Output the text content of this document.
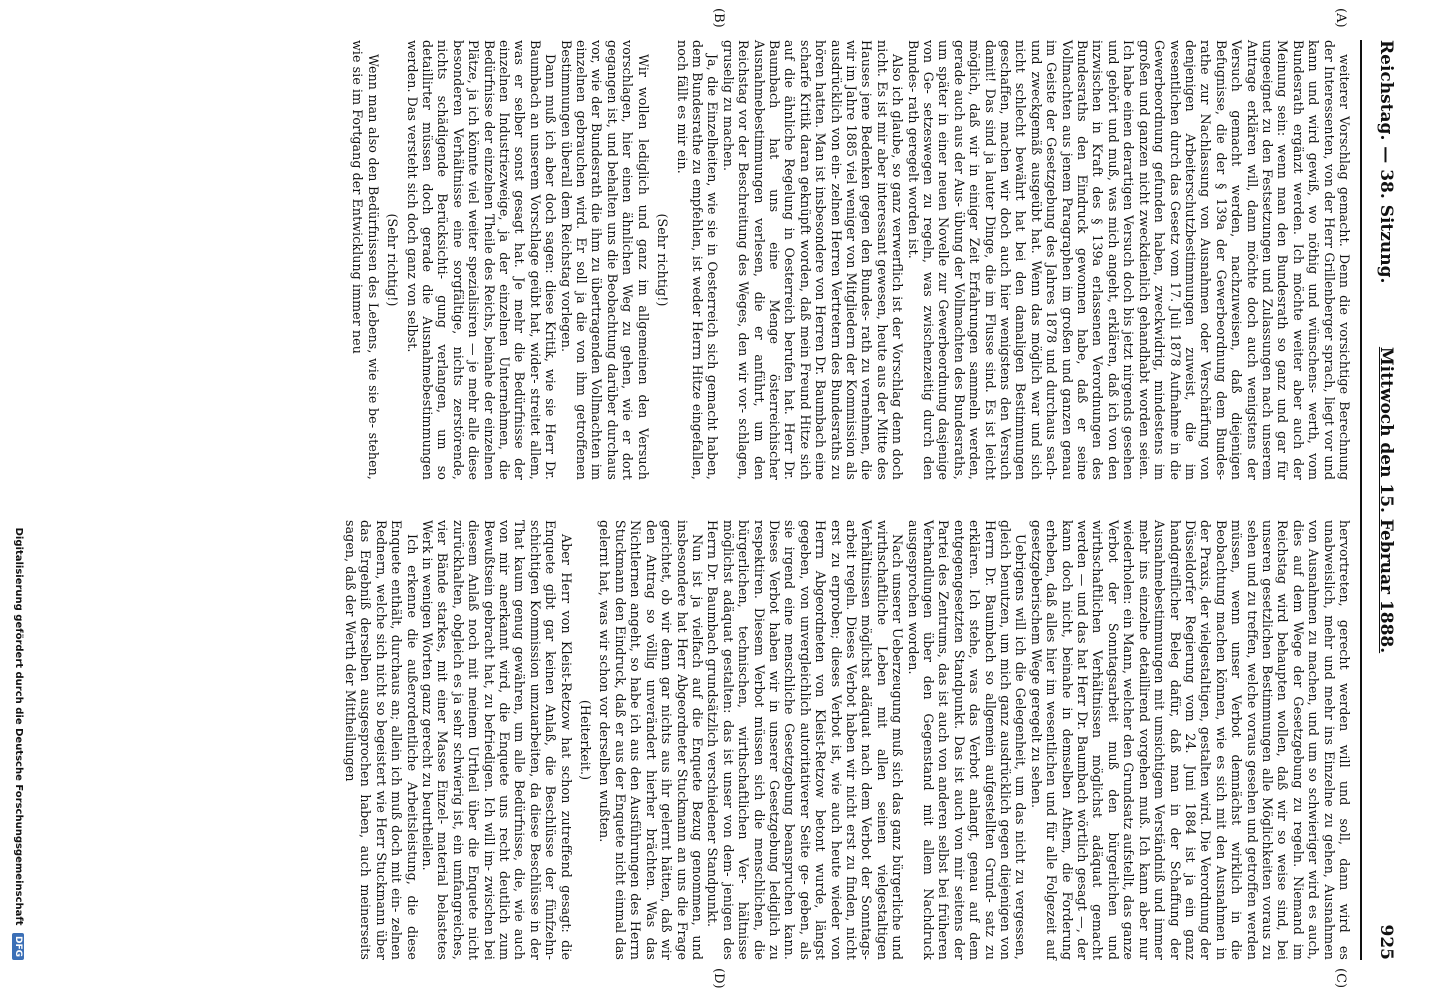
Reichstag. — 38. Sitzung.
Mittwoch den 15. Februar 1888.
925
(A)
(B)
(C)
(D)

weiterer Vorschlag gemacht. Denn die vorsichtige Berechnung der Interessenten, von der Herr Grillenberger sprach, liegt vor und kann und wird gewiß, wo nöthig und wünschens- werth, vom Bundesrath ergänzt werden. Ich möchte weiter aber auch der Meinung sein: wenn man den Bundesrath so ganz und gar für ungeeignet zu den Festsetzungen und Zulassungen nach unserem Antrage erklären will, dann möchte doch auch wenigstens der Versuch gemacht werden, nachzuweisen, daß diejenigen Befugnisse, die der § 139a der Gewerbeordnung dem Bundes- rathe zur Nachlassung von Ausnahmen oder Verschärfung von denjenigen Arbeiterschutzbestimmungen zuweist, die im wesentlichen durch das Gesetz vom 17. Juli 1878 Aufnahme in die Gewerbeordnung gefunden haben, zweckwidrig, mindestens im großen und ganzen nicht zweckdienlich gehandhabt worden seien. Ich habe einen derartigen Versuch doch bis jetzt nirgends gesehen und gehört und muß, was mich angeht, erklären, daß ich von den inzwischen in Kraft des § 139a erlassenen Verordnungen des Bundesraths den Eindruck gewonnen habe, daß er seine Vollmachten aus jenem Paragraphen im großen und ganzen genau im Geiste der Gesetzgebung des Jahres 1878 und durchaus sach- und zweckgemäß ausgeübt hat. Wenn das möglich war und sich nicht schlecht bewährt hat bei den damaligen Bestimmungen geschaffen, machen wir doch auch hier wenigstens den Versuch damit! Das sind ja lauter Dinge, die im Flusse sind. Es ist leicht möglich, daß wir in einiger Zeit Erfahrungen sammeln werden, gerade auch aus der Aus- übung der Vollmachten des Bundesraths, um später in einer neuen Novelle zur Gewerbeordnung dasjenige von Ge- setzeswegen zu regeln, was zwischenzeitig durch den Bundes- rath geregelt worden ist.

Also ich glaube, so ganz verwerflich ist der Vorschlag denn doch nicht. Es ist mir aber interessant gewesen, heute aus der Mitte des Hauses jene Bedenken gegen den Bundes- rath zu vernehmen, die wir im Jahre 1885 viel weniger von Mitgliedern der Kommission als ausdrücklich von ein- zelnen Herren Vertretern des Bundesraths zu hören hatten. Man ist insbesondere von Herren Dr. Baumbach eine scharfe Kritik daran geknüpft worden, daß mein Freund Hitze sich auf die ähnliche Regelung in Oesterreich berufen hat. Herr Dr. Baumbach hat uns eine Menge österreichischer Ausnahmebestimmungen verlesen, die er anführt, um den Reichstag vor der Beschreitung des Weges, den wir vor- schlagen, gruselig zu machen.

Ja, die Einzelheiten, wie sie in Oesterreich sich gemacht haben, dem Bundesrathe zu empfehlen, ist weder Herrn Hitze eingefallen, noch fällt es mir ein.

(Sehr richtig!)

Wir wollen lediglich und ganz im allgemeinen den Versuch vorschlagen, hier einen ähnlichen Weg zu gehen, wie er dort gegangen ist, und behalten uns die Beobachtung darüber durchaus vor, wie der Bundesrath die ihm zu übertragenden Vollmachten im einzelnen gebrauchen wird. Er soll ja die von ihm getroffenen Bestimmungen überall dem Reichstag vorlegen.

Dann muß ich aber doch sagen: diese Kritik, wie sie Herr Dr. Baumbach an unserem Vorschlage geübt hat, wider- streitet allem, was er selber sonst gesagt hat. Je mehr die Bedürfnisse der einzelnen Industriezweige, ja der einzelnen Unternehmen, die Bedürfnisse der einzelnen Theile des Reichs, beinahe der einzelnen Plätze, ja ich könnte viel weiter spezialisiren — je mehr alle diese besonderen Verhältnisse eine sorgfältige, nichts zerstörende, nichts schädigende Berücksichti- gung verlangen, um so detaillirter müssen doch gerade die Ausnahmebestimmungen werden. Das versteht sich doch ganz von selbst.

(Sehr richtig!)

Wenn man also den Bedürfnissen des Lebens, wie sie be- stehen, wie sie im Fortgang der Entwicklung immer neu

hervortreten, gerecht werden will und soll, dann wird es unabweislich, mehr und mehr ins Einzelne zu gehen, Ausnahmen von Ausnahmen zu machen, und um so schwieriger wird es auch, dies auf dem Wege der Gesetzgebung zu regeln. Niemand im Reichstag wird behaupten wollen, daß wir so weise sind, bei unseren gesetzlichen Bestimmungen alle Möglichkeiten voraus zu sehen und zu treffen, welche voraus gesehen und getroffen werden müssen, wenn unser Verbot demnächst wirklich in die Beobachtung machen können, wie es sich mit den Ausnahmen in der Praxis, der vielgestaltigen, gestalten wird. Die Verordnung der Düsseldorfer Regierung vom 24. Juni 1884 ist ja ein ganz handgreiflicher Beleg dafür, daß man in der Schaffung der Ausnahmebestimmungen mit umsichtigem Verständniß und immer mehr ins einzelne detaillirend vorgehen muß. Ich kann aber nur wiederholen: ein Mann, welcher den Grundsatz aufstellt, das ganze Verbot der Sonntagsarbeit muß den bürgerlichen und wirthschaftlichen Verhältnissen möglichst adäquat gemacht werden — und das hat Herr Dr. Baumbach wörtlich gesagt —, der kann doch nicht, beinahe in demselben Athem, die Forderung erheben, daß alles hier im wesentlichen und für alle Folgezeit auf gesetzgeberischem Wege geregelt zu sehen.

Uebrigens will ich die Gelegenheit, um das nicht zu vergessen, gleich benutzen, um mich ganz ausdrücklich gegen diejenigen von Herrn Dr. Baumbach so allgemein aufgestellten Grund- satz zu erklären. Ich stehe, was das Verbot anlangt, genau auf dem entgegengesetzten Standpunkt. Das ist auch von mir seitens der Partei des Zentrums, das ist auch von anderen selbst bei früheren Verhandlungen über den Gegenstand mit allem Nachdruck ausgesprochen worden.

Nach unserer Ueberzeugung muß sich das ganz bürgerliche und wirthschaftliche Leben mit allen seinen vielgestaltigen Verhältnissen möglichst adäquat nach dem Verbot der Sonntags- arbeit regeln. Dieses Verbot haben wir nicht erst zu finden, nicht erst zu erproben; dieses Verbot ist, wie auch heute wieder von Herrn Abgeordneten von Kleist-Retzow betont wurde, längst gegeben, von unvergleichlich autoritativerer Seite ge- geben, als sie irgend eine menschliche Gesetzgebung beanspruchen kann. Dieses Verbot haben wir in unserer Gesetzgebung lediglich zu respektiren. Diesem Verbot müssen sich die menschlichen, die bürgerlichen, technischen, wirthschaftlichen Ver- hältnisse möglichst adäquat gestalten: das ist unser von dem- jenigen des Herrn Dr. Baumbach grundsätzlich verschiedener Standpunkt.

Nun ist ja vielfach auf die Enquete Bezug genommen, und insbesondere hat Herr Abgeordneter Stuckmann an uns die Frage gerichtet, ob wir denn gar nichts aus ihr gelernt hätten, daß wir den Antrag so völlig unverändert hierher brächten. Was das Nichtlernen angeht, so habe ich aus den Ausführungen des Herrn Stuckmann den Eindruck, daß er aus der Enquete nicht einmal das gelernt hat, was wir schon vor derselben wußten.

(Heiterkeit.)

Aber Herr von Kleist-Retzow hat schon zutreffend gesagt: die Enquete gibt gar keinen Anlaß, die Beschlüsse der fünfzehn- schichtigen Kommission umzuarbeiten, da diese Beschlüsse in der That kaum genug gewähren, um alle Bedürfnisse, die, wie auch von mir anerkannt wird, die Enquete uns recht deutlich zum Bewußtsein gebracht hat, zu befriedigen. Ich will im- zwischen bei diesem Anlaß noch mit meinem Urtheil über die Enquete nicht zurückhalten, obgleich es ja sehr schwierig ist, ein umfangreiches, vier Bände starkes, mit einer Masse Einzel- material belastetes Werk in wenigen Worten ganz gerecht zu beurtheilen.

Ich erkenne die außerordentliche Arbeitsleistung, die diese Enquete enthält, durchaus an; allein ich muß doch mit ein- zelnen Rednern, welche sich nicht so begeistert wie Herr Stuckmann über das Ergebniß derselben ausgesprochen haben, auch meinerseits sagen, daß der Werth der Mittheilungen

Digitalisierung gefördert durch die Deutsche Forschungsgemeinschaft DFG
